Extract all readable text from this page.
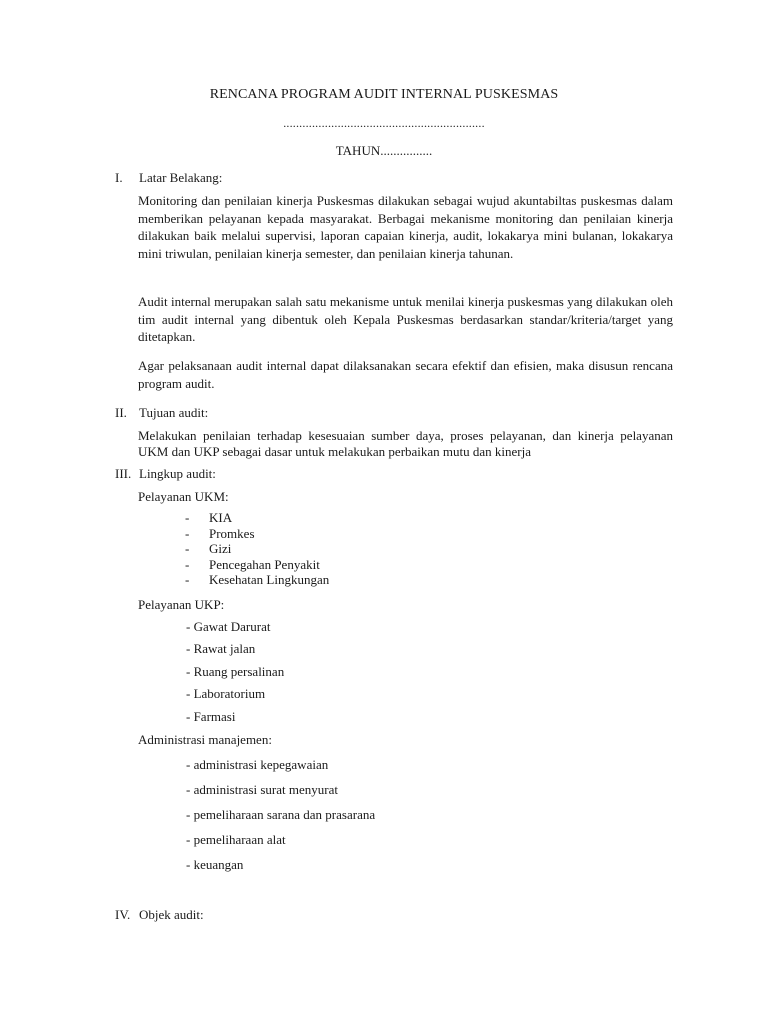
RENCANA PROGRAM AUDIT INTERNAL PUSKESMAS
...............................................................
TAHUN................
I. Latar Belakang:
Monitoring dan penilaian kinerja Puskesmas dilakukan sebagai wujud akuntabiltas puskesmas dalam memberikan pelayanan kepada masyarakat. Berbagai mekanisme monitoring dan penilaian kinerja dilakukan baik melalui supervisi, laporan capaian kinerja, audit, lokakarya mini bulanan, lokakarya mini triwulan, penilaian kinerja semester, dan penilaian kinerja tahunan.
Audit internal merupakan salah satu mekanisme untuk menilai kinerja puskesmas yang dilakukan oleh tim audit internal yang dibentuk oleh Kepala Puskesmas berdasarkan standar/kriteria/target yang ditetapkan.
Agar pelaksanaan audit internal dapat dilaksanakan secara efektif dan efisien, maka disusun rencana program audit.
II. Tujuan audit:
Melakukan penilaian terhadap kesesuaian sumber daya, proses pelayanan, dan kinerja pelayanan UKM dan UKP sebagai dasar untuk melakukan perbaikan mutu dan kinerja
III. Lingkup audit:
Pelayanan UKM:
- KIA
- Promkes
- Gizi
- Pencegahan Penyakit
- Kesehatan Lingkungan
Pelayanan UKP:
- Gawat Darurat
- Rawat jalan
- Ruang persalinan
- Laboratorium
- Farmasi
Administrasi manajemen:
- administrasi kepegawaian
- administrasi surat menyurat
- pemeliharaan sarana dan prasarana
- pemeliharaan alat
- keuangan
IV. Objek audit:
